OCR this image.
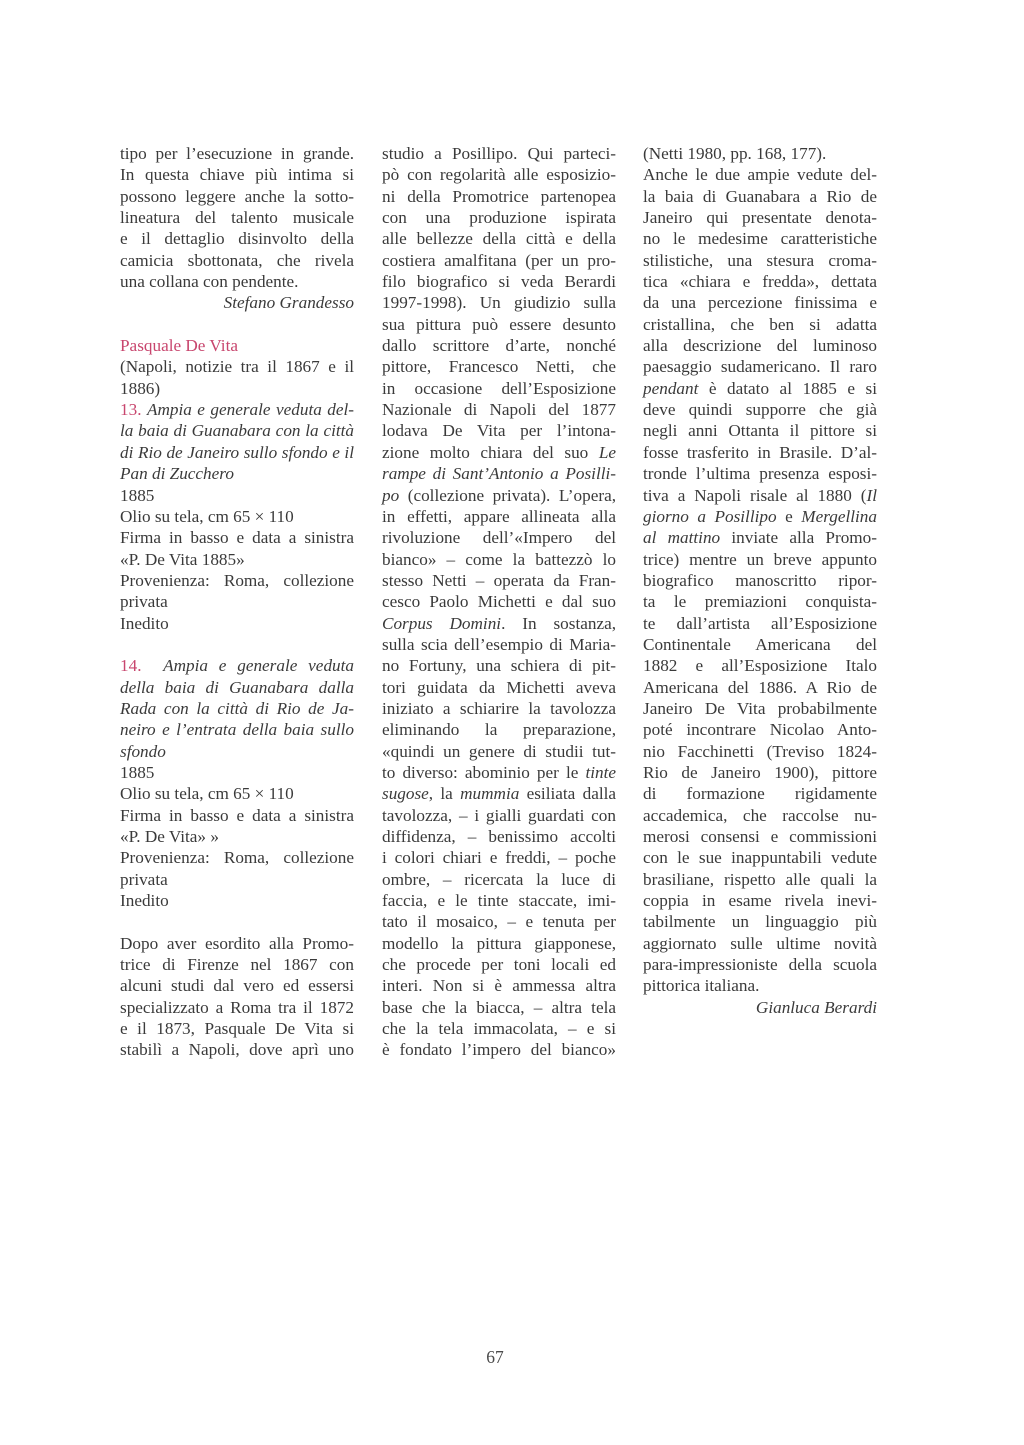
tipo per l’esecuzione in grande.
In questa chiave più intima si
possono leggere anche la sotto-
lineatura del talento musicale
e il dettaglio disinvolto della
camicia sbottonata, che rivela
una collana con pendente.
Stefano Grandesso
Pasquale De Vita
(Napoli, notizie tra il 1867 e il
1886)
13. Ampia e generale veduta del-
la baia di Guanabara con la città
di Rio de Janeiro sullo sfondo e il
Pan di Zucchero
1885
Olio su tela, cm 65 × 110
Firma in basso e data a sinistra
«P. De Vita 1885»
Provenienza: Roma, collezione
privata
Inedito
14. Ampia e generale veduta
della baia di Guanabara dalla
Rada con la città di Rio de Ja-
neiro e l’entrata della baia sullo
sfondo
1885
Olio su tela, cm 65 × 110
Firma in basso e data a sinistra
«P. De Vita» »
Provenienza: Roma, collezione
privata
Inedito
Dopo aver esordito alla Promo-
trice di Firenze nel 1867 con
alcuni studi dal vero ed essersi
specializzato a Roma tra il 1872
e il 1873, Pasquale De Vita si
stabilì a Napoli, dove aprì uno
studio a Posillipo. Qui parteci-
pò con regolarità alle esposizio-
ni della Promotrice partenopea
con una produzione ispirata
alle bellezze della città e della
costiera amalfitana (per un pro-
filo biografico si veda Berardi
1997-1998). Un giudizio sulla
sua pittura può essere desunto
dallo scrittore d’arte, nonché
pittore, Francesco Netti, che
in occasione dell’Esposizione
Nazionale di Napoli del 1877
lodava De Vita per l’intona-
zione molto chiara del suo Le
rampe di Sant’Antonio a Posilli-
po (collezione privata). L’opera,
in effetti, appare allineata alla
rivoluzione dell’«Impero del
bianco» – come la battezzò lo
stesso Netti – operata da Fran-
cesco Paolo Michetti e dal suo
Corpus Domini. In sostanza,
sulla scia dell’esempio di Maria-
no Fortuny, una schiera di pit-
tori guidata da Michetti aveva
iniziato a schiarire la tavolozza
eliminando la preparazione,
«quindi un genere di studii tut-
to diverso: abominio per le tinte
sugose, la mummia esiliata dalla
tavolozza, – i gialli guardati con
diffidenza, – benissimo accolti
i colori chiari e freddi, – poche
ombre, – ricercata la luce di
faccia, e le tinte staccate, imi-
tato il mosaico, – e tenuta per
modello la pittura giapponese,
che procede per toni locali ed
interi. Non si è ammessa altra
base che la biacca, – altra tela
che la tela immacolata, – e si
è fondato l’impero del bianco»
(Netti 1980, pp. 168, 177).
Anche le due ampie vedute del-
la baia di Guanabara a Rio de
Janeiro qui presentate denota-
no le medesime caratteristiche
stilistiche, una stesura croma-
tica «chiara e fredda», dettata
da una percezione finissima e
cristallina, che ben si adatta
alla descrizione del luminoso
paesaggio sudamericano. Il raro
pendant è datato al 1885 e si
deve quindi supporre che già
negli anni Ottanta il pittore si
fosse trasferito in Brasile. D’al-
tronde l’ultima presenza esposi-
tiva a Napoli risale al 1880 (Il
giorno a Posillipo e Mergellina
al mattino inviate alla Promo-
trice) mentre un breve appunto
biografico manoscritto ripor-
ta le premiazioni conquista-
te dall’artista all’Esposizione
Continentale Americana del
1882 e all’Esposizione Italo
Americana del 1886. A Rio de
Janeiro De Vita probabilmente
poté incontrare Nicolao Anto-
nio Facchinetti (Treviso 1824-
Rio de Janeiro 1900), pittore
di formazione rigidamente
accademica, che raccolse nu-
merosi consensi e commissioni
con le sue inappuntabili vedute
brasiliane, rispetto alle quali la
coppia in esame rivela inevi-
tabilmente un linguaggio più
aggiornato sulle ultime novità
para-impressioniste della scuola
pittorica italiana.
Gianluca Berardi
67
